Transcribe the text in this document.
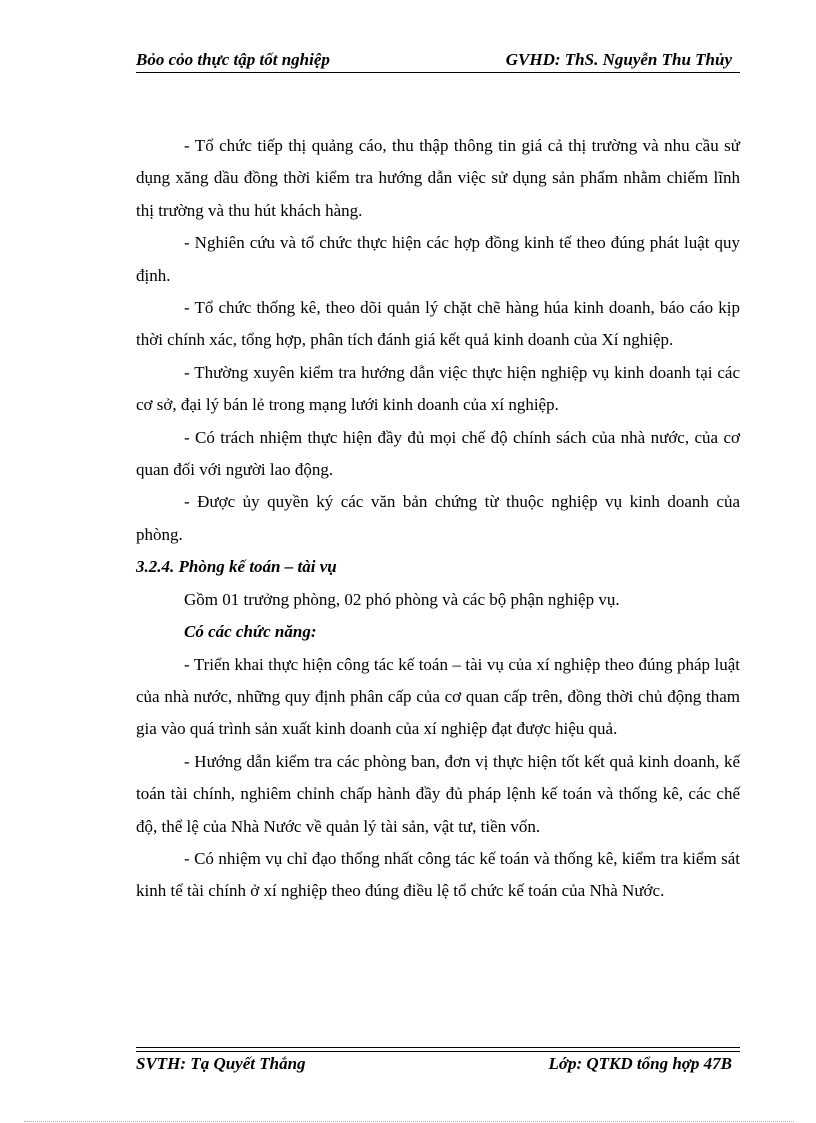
Bỏo cỏo thực tập tốt nghiệp	GVHD: ThS. Nguyễn Thu Thủy

- Tổ chức tiếp thị quảng cáo, thu thập thông tin giá cả thị trường và nhu cầu sử dụng xăng dầu đồng thời kiểm tra hướng dẫn việc sử dụng sản phẩm nhằm chiếm lĩnh thị trường và thu hút khách hàng.

- Nghiên cứu và tổ chức thực hiện các hợp đồng kinh tế theo đúng phát luật quy định.

- Tổ chức thống kê, theo dõi quản lý chặt chẽ hàng húa kinh doanh, báo cáo kịp thời chính xác, tổng hợp, phân tích đánh giá kết quả kinh doanh của Xí nghiệp.

- Thường xuyên kiểm tra hướng dẫn việc thực hiện nghiệp vụ kinh doanh tại các cơ sở, đại lý bán lẻ trong mạng lưới kinh doanh của xí nghiệp.

- Có trách nhiệm thực hiện đầy đủ mọi chế độ chính sách của nhà nước, của cơ quan đối với người lao động.

- Được ủy quyền ký các văn bản chứng từ thuộc nghiệp vụ kinh doanh của phòng.

3.2.4. Phòng kế toán – tài vụ

Gồm 01 trưởng phòng, 02 phó phòng và các bộ phận nghiệp vụ.

Có các chức năng:

- Triển khai thực hiện công tác kế toán – tài vụ của xí nghiệp theo đúng pháp luật của nhà nước, những quy định phân cấp của cơ quan cấp trên, đồng thời chủ động tham gia vào quá trình sản xuất kinh doanh của xí nghiệp đạt được hiệu quả.

- Hướng dẫn kiểm tra các phòng ban, đơn vị thực hiện tốt kết quả kinh doanh, kế toán tài chính, nghiêm chỉnh chấp hành đầy đủ pháp lệnh kế toán và thống kê, các chế độ, thể lệ của Nhà Nước về quản lý tài sản, vật tư, tiền vốn.

- Có nhiệm vụ chỉ đạo thống nhất công tác kế toán và thống kê, kiểm tra kiểm sát kinh tế tài chính ở xí nghiệp theo đúng điều lệ tổ chức kế toán của Nhà Nước.

SVTH: Tạ Quyết Thắng	Lớp: QTKD tổng hợp 47B
